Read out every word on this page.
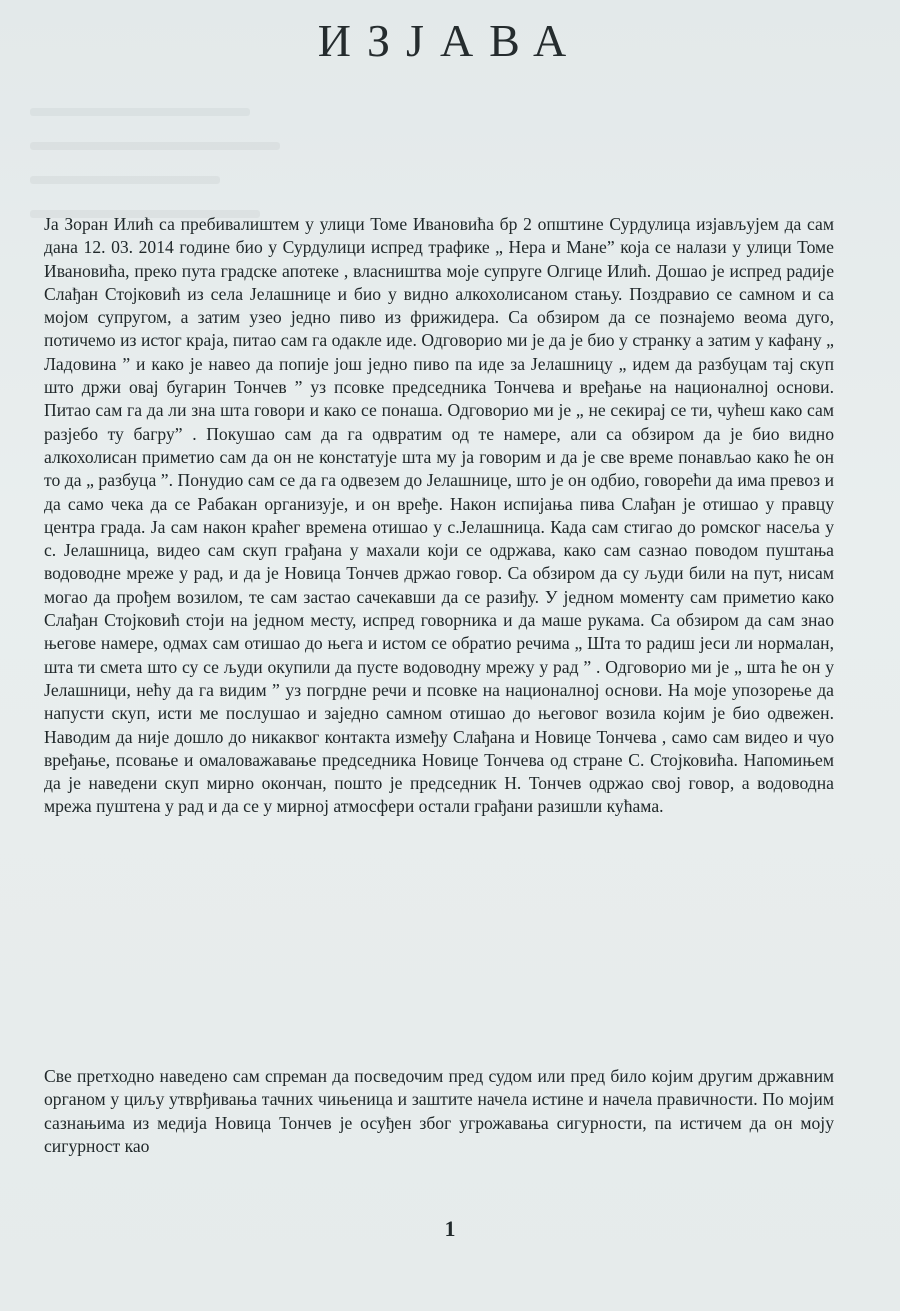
ИЗЈАВА

Ја Зоран Илић са пребивалиштем у улици Томе Ивановића бр 2 општине Сурдулица изјављујем да сам дана 12. 03. 2014 године био у Сурдулици испред трафике „ Нера и Мане” која се налази у улици Томе Ивановића, преко пута градске апотеке , власништва моје супруге Олгице Илић. Дошао је испред радије Слађан Стојковић из села Јелашнице и био у видно алкохолисаном стању. Поздравио се самном и са мојом супругом, а затим узео једно пиво из фрижидера. Са обзиром да се познајемо веома дуго, потичемо из истог краја, питао сам га одакле иде. Одговорио ми је да је био у странку а затим у кафану „ Ладовина ” и како је навео да попије још једно пиво па иде за Јелашницу „ идем да разбуцам тај скуп што држи овај бугарин Тончев ” уз псовке председника Тончева и вређање на националној основи. Питао сам га да ли зна шта говори и како се понаша. Одговорио ми је „ не секирај се ти, чућеш како сам разјебо ту багру” . Покушао сам да га одвратим од те намере, али са обзиром да је био видно алкохолисан приметио сам да он не констатује шта му ја говорим и да је све време понављао како ће он то да „ разбуца ”. Понудио сам се да га одвезем до Јелашнице, што је он одбио, говорећи да има превоз и да само чека да се Рабакан организује, и он вређе. Након испијања пива Слађан је отишао у правцу центра града. Ја сам након краћег времена отишао у с.Јелашница. Када сам стигао до ромског насеља у с. Јелашница, видео сам скуп грађана у махали који се одржава, како сам сазнао поводом пуштања водоводне мреже у рад, и да је Новица Тончев држао говор. Са обзиром да су људи били на пут, нисам могао да прођем возилом, те сам застао сачекавши да се разиђу. У једном моменту сам приметио како Слађан Стојковић стоји на једном месту, испред говорника и да маше рукама. Са обзиром да сам знао његове намере, одмах сам отишао до њега и истом се обратио речима „ Шта то радиш јеси ли нормалан, шта ти смета што су се људи окупили да пусте водоводну мрежу у рад ” . Одговорио ми је „ шта ће он у Јелашници, нећу да га видим ” уз погрдне речи и псовке на националној основи. На моје упозорење да напусти скуп, исти ме послушао и заједно самном отишао до његовог возила којим је био одвежен. Наводим да није дошло до никаквог контакта између Слађана и Новице Тончева , само сам видео и чуо вређање, псовање и омаловажавање председника Новице Тончева од стране С. Стојковића. Напомињем да је наведени скуп мирно окончан, пошто је председник Н. Тончев одржао свој говор, а водоводна мрежа пуштена у рад и да се у мирној атмосфери остали грађани разишли кућама.

Све претходно наведено сам спреман да посведочим пред судом или пред било којим другим државним органом у циљу утврђивања тачних чињеница и заштите начела истине и начела правичности. По мојим сазнањима из медија Новица Тончев је осуђен због угрожавања сигурности, па истичем да он моју сигурност као

1
